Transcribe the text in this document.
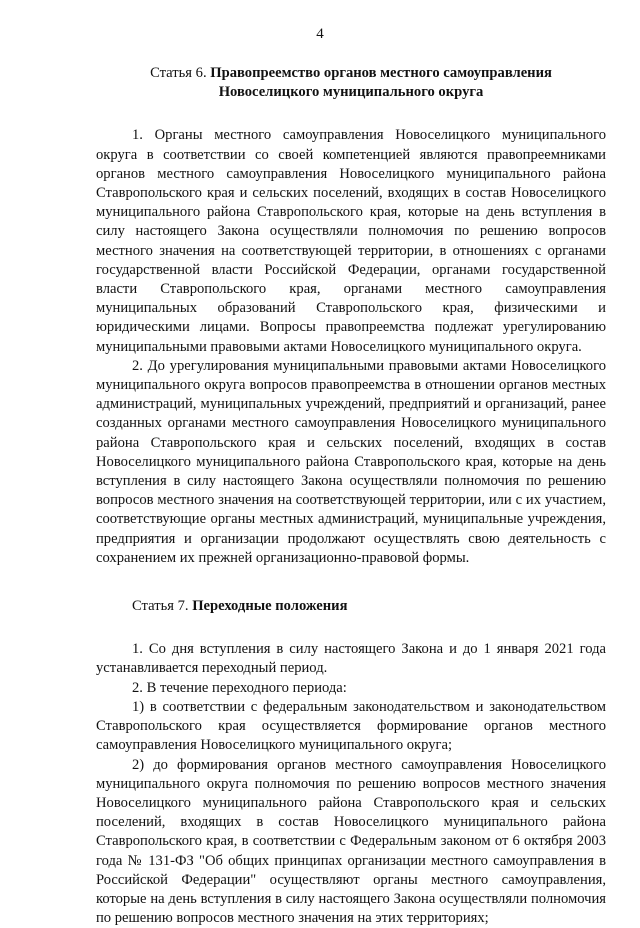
4
Статья 6. Правопреемство органов местного самоуправления
Новоселицкого муниципального округа

1. Органы местного самоуправления Новоселицкого муниципального округа в соответствии со своей компетенцией являются правопреемниками органов местного самоуправления Новоселицкого муниципального района Ставропольского края и сельских поселений, входящих в состав Новоселицкого муниципального района Ставропольского края, которые на день вступления в силу настоящего Закона осуществляли полномочия по решению вопросов местного значения на соответствующей территории, в отношениях с органами государственной власти Российской Федерации, органами государственной власти Ставропольского края, органами местного самоуправления муниципальных образований Ставропольского края, физическими и юридическими лицами. Вопросы правопреемства подлежат урегулированию муниципальными правовыми актами Новоселицкого муниципального округа.

2. До урегулирования муниципальными правовыми актами Новоселицкого муниципального округа вопросов правопреемства в отношении органов местных администраций, муниципальных учреждений, предприятий и организаций, ранее созданных органами местного самоуправления Новоселицкого муниципального района Ставропольского края и сельских поселений, входящих в состав Новоселицкого муниципального района Ставропольского края, которые на день вступления в силу настоящего Закона осуществляли полномочия по решению вопросов местного значения на соответствующей территории, или с их участием, соответствующие органы местных администраций, муниципальные учреждения, предприятия и организации продолжают осуществлять свою деятельность с сохранением их прежней организационно-правовой формы.

Статья 7. Переходные положения

1. Со дня вступления в силу настоящего Закона и до 1 января 2021 года устанавливается переходный период.

2. В течение переходного периода:

1) в соответствии с федеральным законодательством и законодательством Ставропольского края осуществляется формирование органов местного самоуправления Новоселицкого муниципального округа;

2) до формирования органов местного самоуправления Новоселицкого муниципального округа полномочия по решению вопросов местного значения Новоселицкого муниципального района Ставропольского края и сельских поселений, входящих в состав Новоселицкого муниципального района Ставропольского края, в соответствии с Федеральным законом от 6 октября 2003 года № 131-ФЗ "Об общих принципах организации местного самоуправления в Российской Федерации" осуществляют органы местного самоуправления, которые на день вступления в силу настоящего Закона осуществляли полномочия по решению вопросов местного значения на этих территориях;
